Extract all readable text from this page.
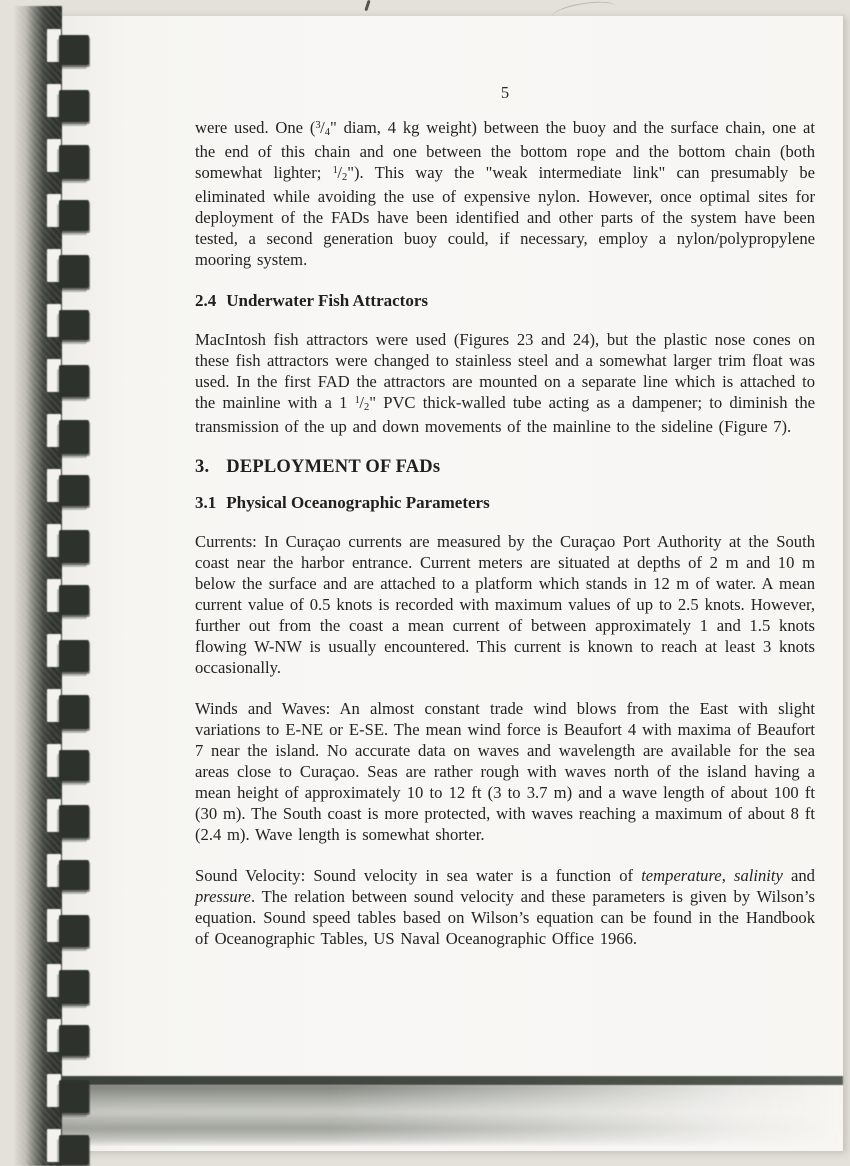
5

were used. One ($^3/_4$" diam, 4 kg weight) between the buoy and the surface chain, one at the end of this chain and one between the bottom rope and the bottom chain (both somewhat lighter; $^1/_2$"). This way the "weak intermediate link" can presumably be eliminated while avoiding the use of expensive nylon. However, once optimal sites for deployment of the FADs have been identified and other parts of the system have been tested, a second generation buoy could, if necessary, employ a nylon/polypropylene mooring system.

2.4 Underwater Fish Attractors

MacIntosh fish attractors were used (Figures 23 and 24), but the plastic nose cones on these fish attractors were changed to stainless steel and a somewhat larger trim float was used. In the first FAD the attractors are mounted on a separate line which is attached to the mainline with a 1 $^1/_2$" PVC thick-walled tube acting as a dampener; to diminish the transmission of the up and down movements of the mainline to the sideline (Figure 7).

3. DEPLOYMENT OF FADs
3.1 Physical Oceanographic Parameters

Currents: In Curaçao currents are measured by the Curaçao Port Authority at the South coast near the harbor entrance. Current meters are situated at depths of 2 m and 10 m below the surface and are attached to a platform which stands in 12 m of water. A mean current value of 0.5 knots is recorded with maximum values of up to 2.5 knots. However, further out from the coast a mean current of between approximately 1 and 1.5 knots flowing W-NW is usually encountered. This current is known to reach at least 3 knots occasionally.

Winds and Waves: An almost constant trade wind blows from the East with slight variations to E-NE or E-SE. The mean wind force is Beaufort 4 with maxima of Beaufort 7 near the island. No accurate data on waves and wavelength are available for the sea areas close to Curaçao. Seas are rather rough with waves north of the island having a mean height of approximately 10 to 12 ft (3 to 3.7 m) and a wave length of about 100 ft (30 m). The South coast is more protected, with waves reaching a maximum of about 8 ft (2.4 m). Wave length is somewhat shorter.

Sound Velocity: Sound velocity in sea water is a function of temperature, salinity and pressure. The relation between sound velocity and these parameters is given by Wilson’s equation. Sound speed tables based on Wilson’s equation can be found in the Handbook of Oceanographic Tables, US Naval Oceanographic Office 1966.
